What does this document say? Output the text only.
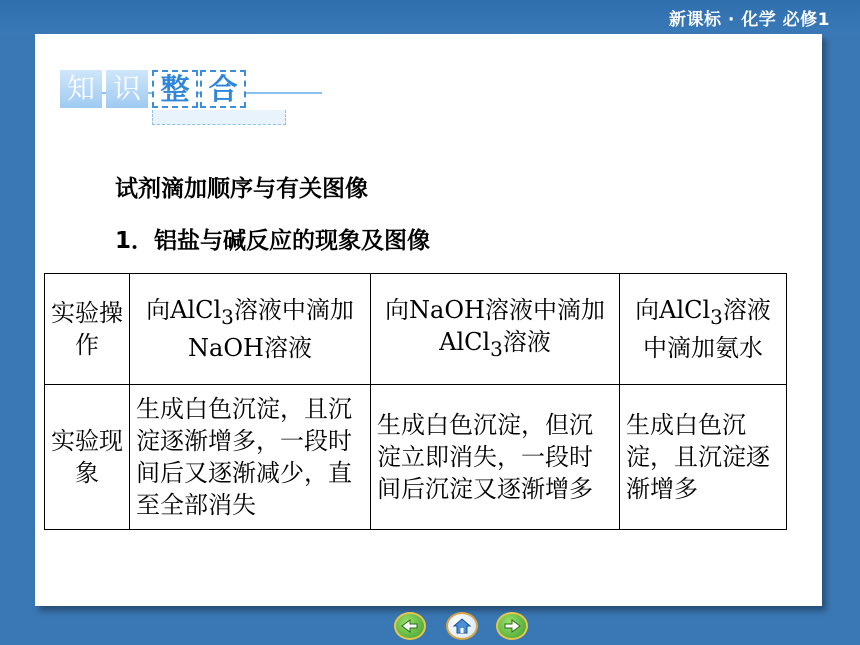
新课标 · 化学 必修1
知 识 整 合
试剂滴加顺序与有关图像
1．铝盐与碱反应的现象及图像
实验操作	向AlCl$_3$溶液中滴加NaOH溶液	向NaOH溶液中滴加AlCl$_3$溶液	向AlCl$_3$溶液中滴加氨水
实验现象	生成白色沉淀，且沉淀逐渐增多，一段时间后又逐渐减少，直至全部消失	生成白色沉淀，但沉淀立即消失，一段时间后沉淀又逐渐增多	生成白色沉淀，且沉淀逐渐增多
